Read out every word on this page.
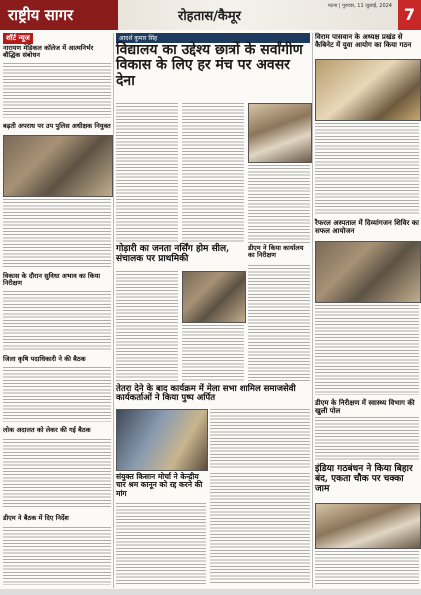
राष्ट्रीय सागर	रोहतास/कैमूर
पटना | गुरुवार, 11 जुलाई, 2024 7
शॉर्ट न्यूज
नारायण मेडिकल कॉलेज में आत्मनिर्भर बौद्धिक संबोधन
बढ़ती अपराध पर उप पुलिस अधीक्षक नियुक्त
विकास के दौरान सुविधा अभाव का किया निरीक्षण
जिला कृषि पदाधिकारी ने की बैठक
लोक अदालत को लेकर की गई बैठक
डीएम ने बैठक में दिए निर्देश
आदर्श कुमार सिंह
विद्यालय का उद्देश्य छात्रों के सर्वांगीण विकास के लिए हर मंच पर अवसर देना
गोड़ारी का जनता नर्सिंग होम सील, संचालक पर प्राथमिकी
डीएम ने किया कार्यालय का निरीक्षण
तेतरा देने के बाद कार्यक्रम में मेला सभा शामिल समाजसेवी कार्यकर्ताओं ने किया पुष्प अर्पित
संयुक्त किसान मोर्चा ने केन्द्रीय चार श्रम कानून को रद्द करने की मांग
विराम पासवान के अध्यक्ष प्रखंड से कैबिनेट में युवा आयोग का किया गठन
रैफरल अस्पताल में दिव्यांगजन शिविर का सफल आयोजन
डीएम के निरीक्षण में स्वास्थ्य विभाग की खुली पोल
इंडिया गठबंधन ने किया बिहार बंद, एकता चौक पर चक्का जाम
